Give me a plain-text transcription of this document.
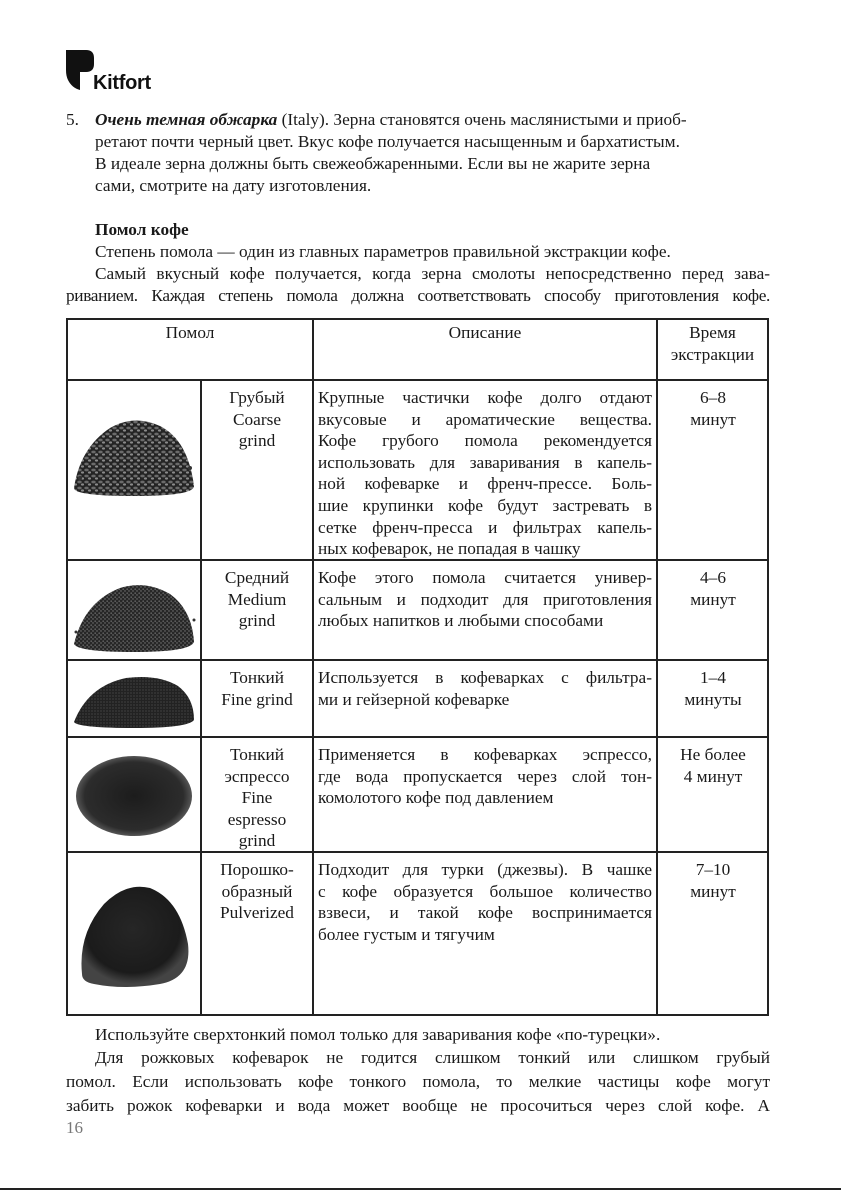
Kitfort
5. Очень темная обжарка (Italy). Зерна становятся очень маслянистыми и приоб-
ретают почти черный цвет. Вкус кофе получается насыщенным и бархатистым.
В идеале зерна должны быть свежеобжаренными. Если вы не жарите зерна
сами, смотрите на дату изготовления.
Помол кофе
Степень помола — один из главных параметров правильной экстракции кофе.

Самый вкусный кофе получается, когда зерна смолоты непосредственно перед зава-

риванием. Каждая степень помола должна соответствовать способу приготовления кофе.

Помол	Описание	Время
экстракции
Грубый
Coarse
grind
Крупные частички кофе долго отдают
вкусовые и ароматические вещества.
Кофе грубого помола рекомендуется
использовать для заваривания в капель-
ной кофеварке и френч-прессе. Боль-
шие крупинки кофе будут застревать в
сетке френч-пресса и фильтрах капель-
ных кофеварок, не попадая в чашку
6–8
минут
Средний
Medium
grind
Кофе этого помола считается универ-
сальным и подходит для приготовления
любых напитков и любыми способами
4–6
минут
Тонкий
Fine grind
Используется в кофеварках с фильтра-
ми и гейзерной кофеварке
1–4
минуты
Тонкий
эспрессо
Fine
espresso
grind
Применяется в кофеварках эспрессо,
где вода пропускается через слой тон-
комолотого кофе под давлением
Не более
4 минут
Порошко-
образный
Pulverized
Подходит для турки (джезвы). В чашке
с кофе образуется большое количество
взвеси, и такой кофе воспринимается
более густым и тягучим
7–10
минут
Используйте сверхтонкий помол только для заваривания кофе «по-турецки».

Для рожковых кофеварок не годится слишком тонкий или слишком грубый

помол. Если использовать кофе тонкого помола, то мелкие частицы кофе могут

забить рожок кофеварки и вода может вообще не просочиться через слой кофе. А

16
